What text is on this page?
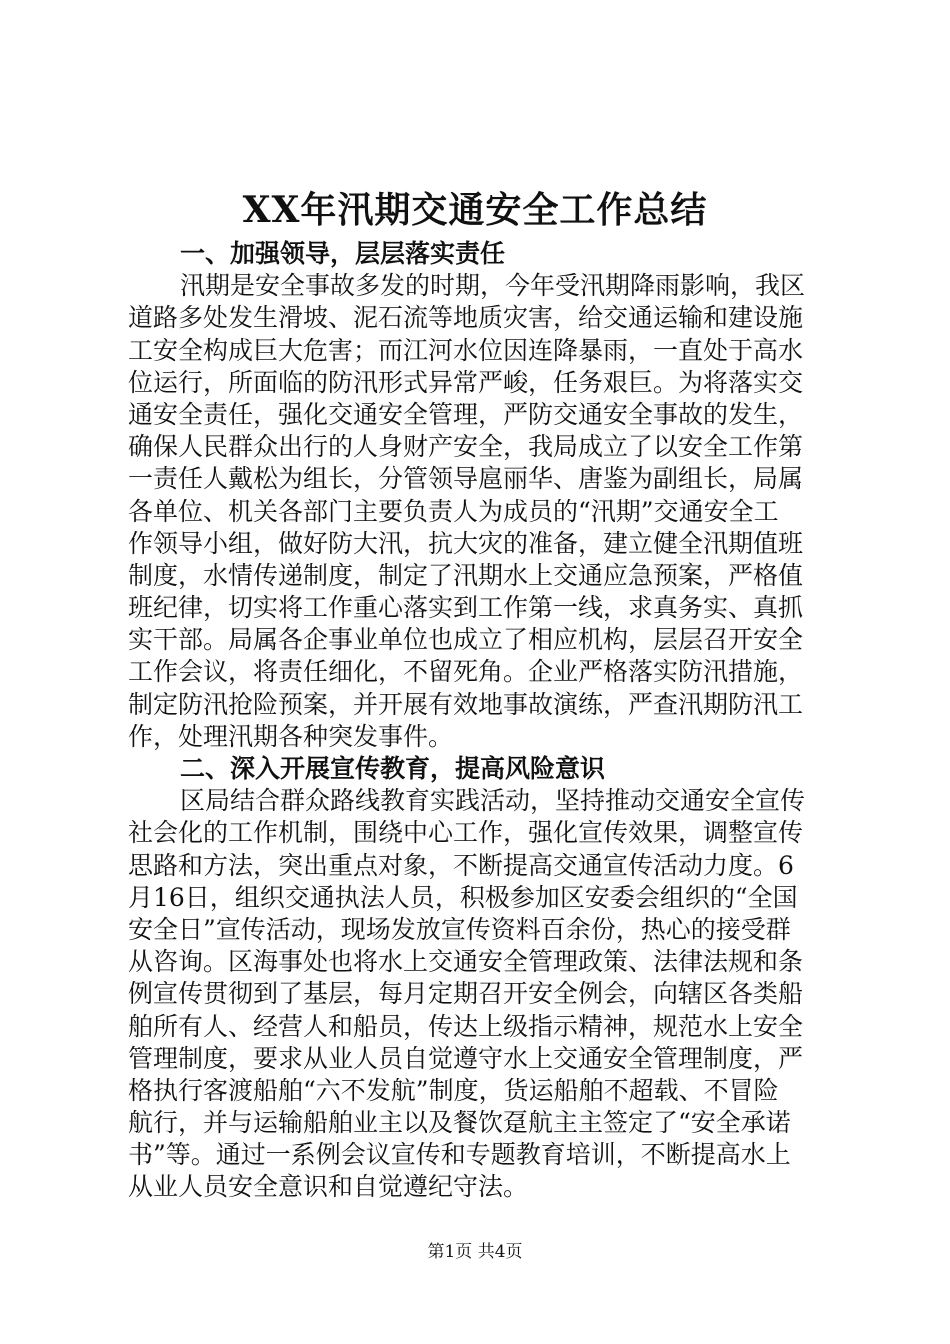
XX年汛期交通安全工作总结
一、加强领导，层层落实责任
汛期是安全事故多发的时期，今年受汛期降雨影响，我区
道路多处发生滑坡、泥石流等地质灾害，给交通运输和建设施
工安全构成巨大危害；而江河水位因连降暴雨，一直处于高水
位运行，所面临的防汛形式异常严峻，任务艰巨。为将落实交
通安全责任，强化交通安全管理，严防交通安全事故的发生，
确保人民群众出行的人身财产安全，我局成立了以安全工作第
一责任人戴松为组长，分管领导扈丽华、唐鉴为副组长，局属
各单位、机关各部门主要负责人为成员的“汛期”交通安全工
作领导小组，做好防大汛，抗大灾的准备，建立健全汛期值班
制度，水情传递制度，制定了汛期水上交通应急预案，严格值
班纪律，切实将工作重心落实到工作第一线，求真务实、真抓
实干部。局属各企事业单位也成立了相应机构，层层召开安全
工作会议，将责任细化，不留死角。企业严格落实防汛措施，
制定防汛抢险预案，并开展有效地事故演练，严查汛期防汛工
作，处理汛期各种突发事件。
二、深入开展宣传教育，提高风险意识
区局结合群众路线教育实践活动，坚持推动交通安全宣传
社会化的工作机制，围绕中心工作，强化宣传效果，调整宣传
思路和方法，突出重点对象，不断提高交通宣传活动力度。6
月16日，组织交通执法人员，积极参加区安委会组织的“全国
安全日”宣传活动，现场发放宣传资料百余份，热心的接受群
从咨询。区海事处也将水上交通安全管理政策、法律法规和条
例宣传贯彻到了基层，每月定期召开安全例会，向辖区各类船
舶所有人、经营人和船员，传达上级指示精神，规范水上安全
管理制度，要求从业人员自觉遵守水上交通安全管理制度，严
格执行客渡船舶“六不发航”制度，货运船舶不超载、不冒险
航行，并与运输船舶业主以及餐饮趸航主主签定了“安全承诺
书”等。通过一系例会议宣传和专题教育培训，不断提高水上
从业人员安全意识和自觉遵纪守法。
第1页 共4页
